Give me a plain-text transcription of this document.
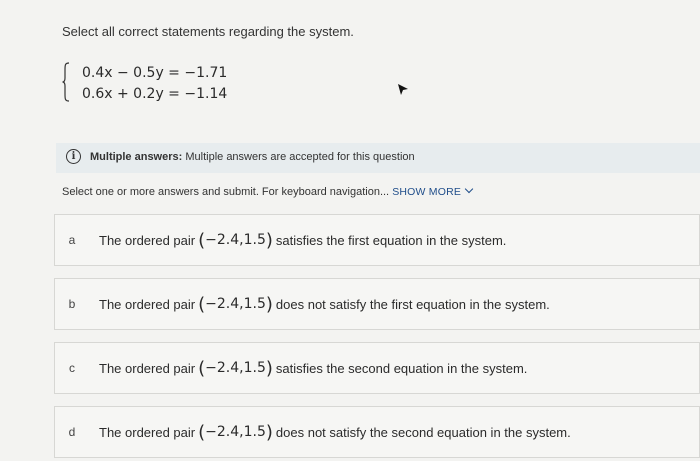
Select all correct statements regarding the system.
0.4x − 0.5y = −1.71
0.6x + 0.2y = −1.14
i	Multiple answers: Multiple answers are accepted for this question
Select one or more answers and submit. For keyboard navigation... SHOW MORE
a	The ordered pair (−2.4,1.5) satisfies the first equation in the system.
b	The ordered pair (−2.4,1.5) does not satisfy the first equation in the system.
c	The ordered pair (−2.4,1.5) satisfies the second equation in the system.
d	The ordered pair (−2.4,1.5) does not satisfy the second equation in the system.
